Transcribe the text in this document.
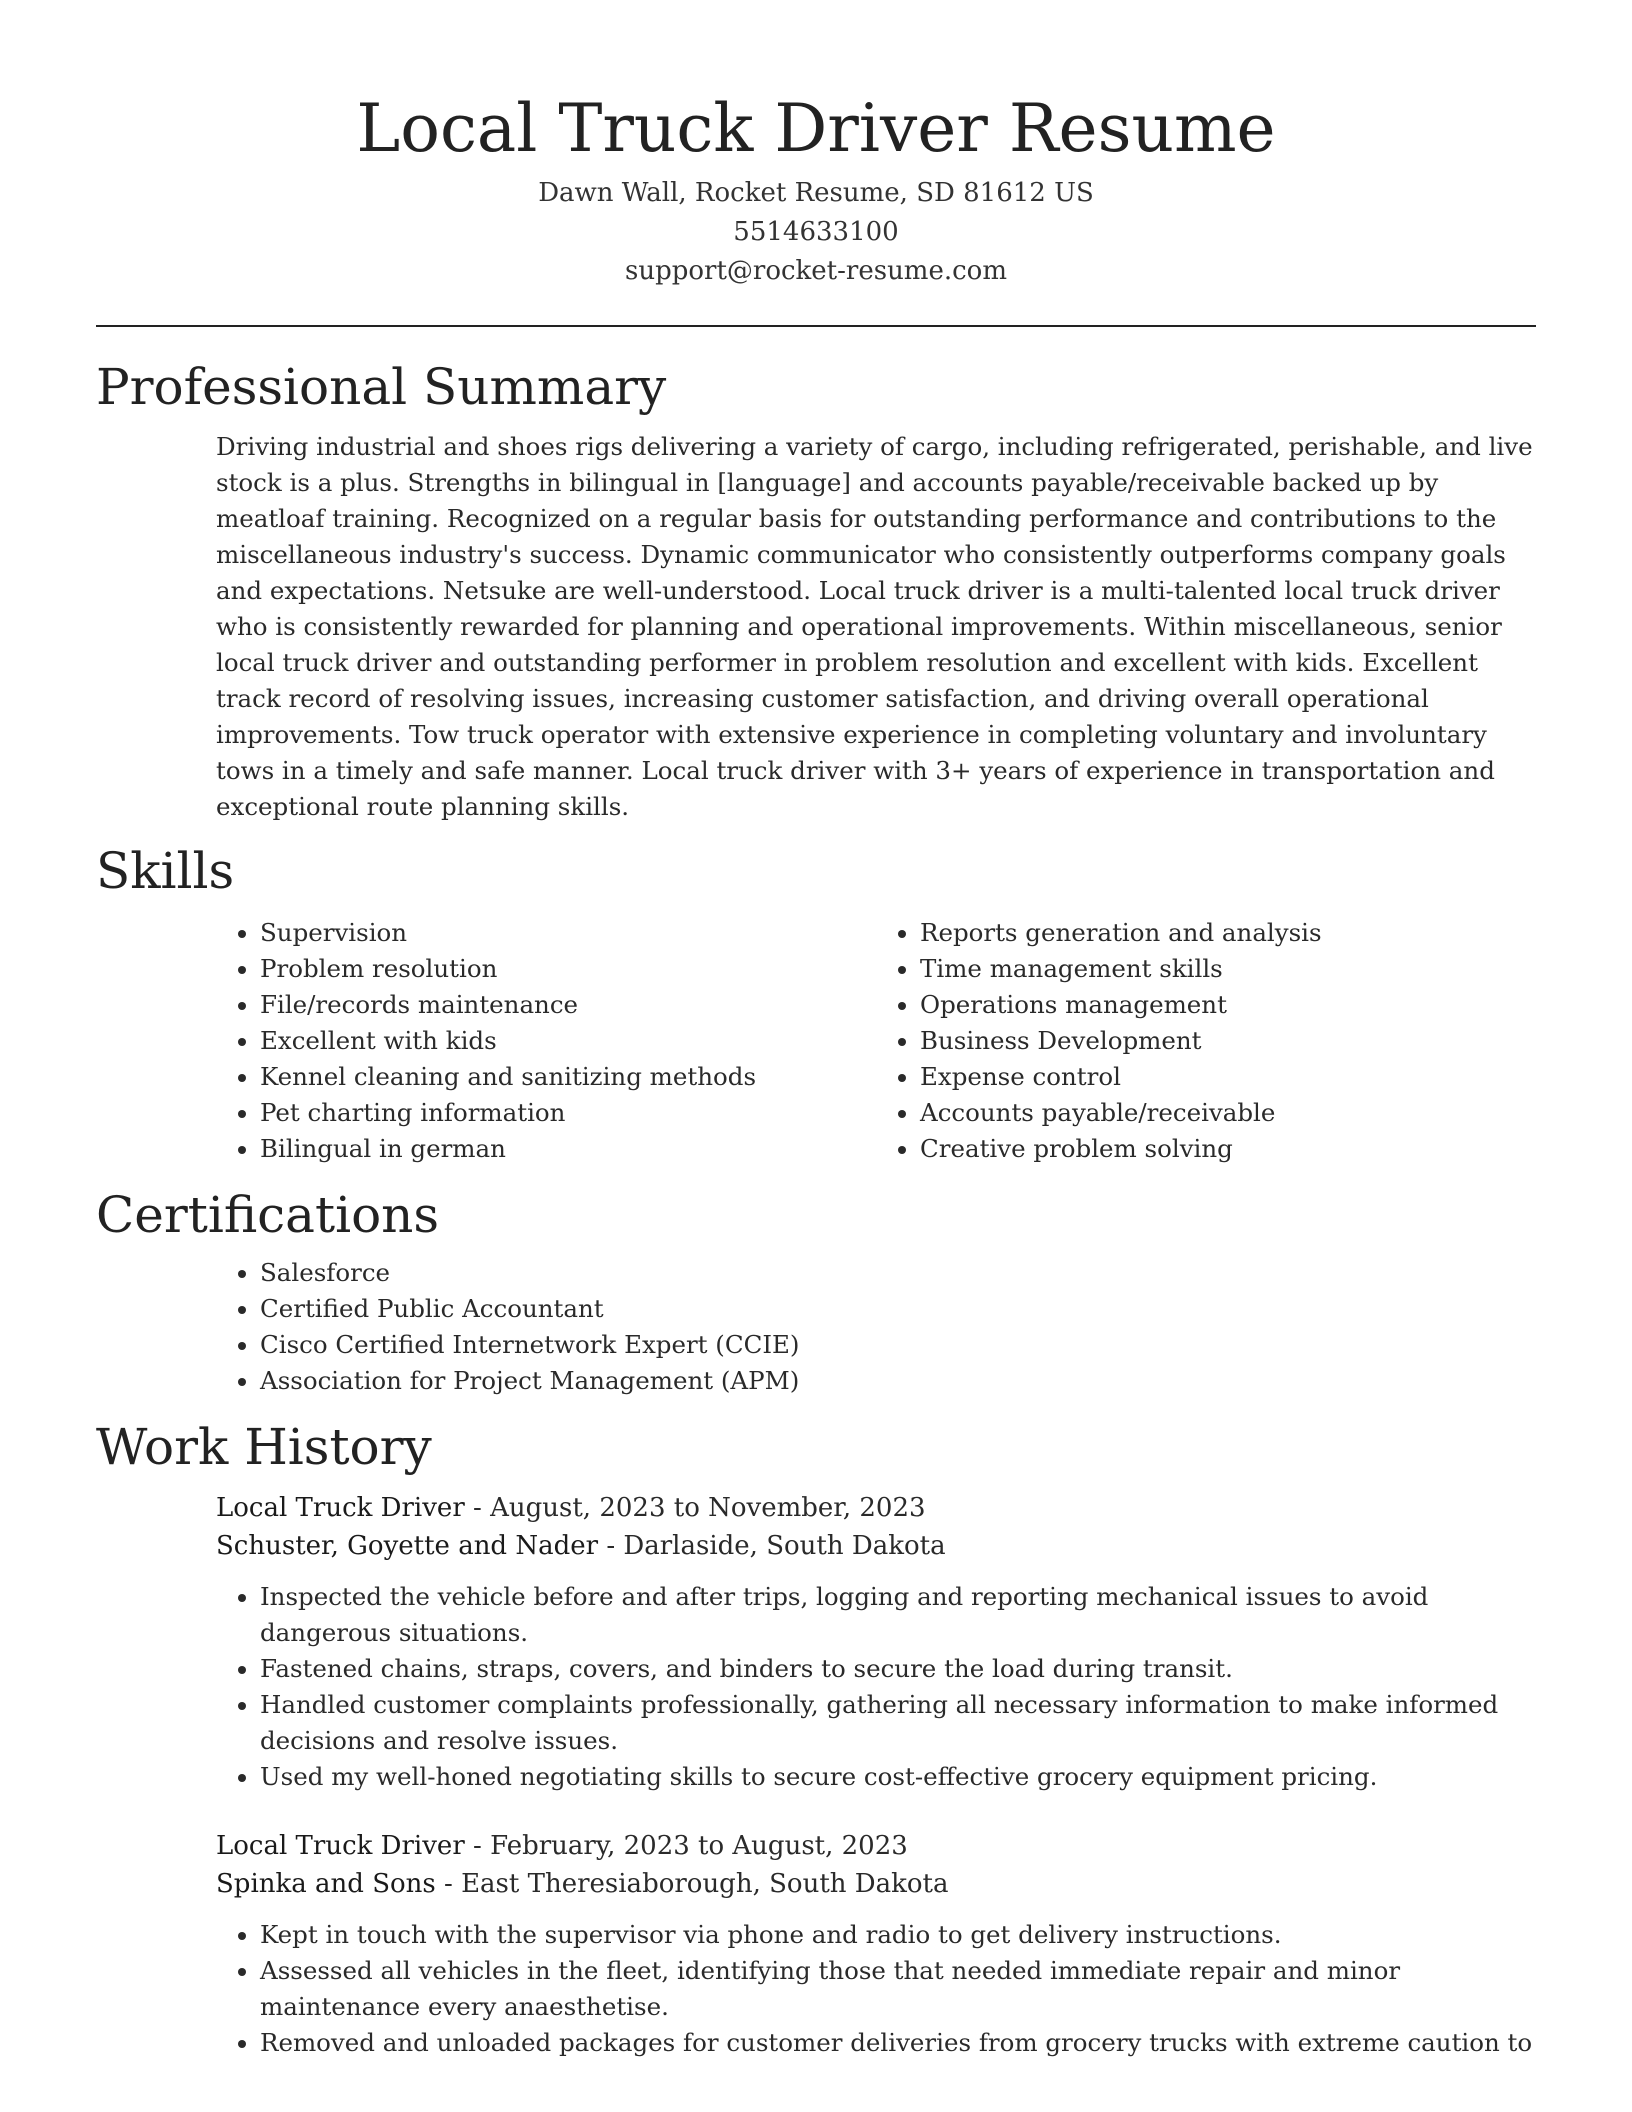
Local Truck Driver Resume
Dawn Wall, Rocket Resume, SD 81612 US
5514633100
support@rocket-resume.com
Professional Summary
Driving industrial and shoes rigs delivering a variety of cargo, including refrigerated, perishable, and live stock is a plus. Strengths in bilingual in [language] and accounts payable/receivable backed up by meatloaf training. Recognized on a regular basis for outstanding performance and contributions to the miscellaneous industry's success. Dynamic communicator who consistently outperforms company goals and expectations. Netsuke are well-understood. Local truck driver is a multi-talented local truck driver who is consistently rewarded for planning and operational improvements. Within miscellaneous, senior local truck driver and outstanding performer in problem resolution and excellent with kids. Excellent track record of resolving issues, increasing customer satisfaction, and driving overall operational improvements. Tow truck operator with extensive experience in completing voluntary and involuntary tows in a timely and safe manner. Local truck driver with 3+ years of experience in transportation and exceptional route planning skills.
Skills
• Supervision
• Problem resolution
• File/records maintenance
• Excellent with kids
• Kennel cleaning and sanitizing methods
• Pet charting information
• Bilingual in german
• Reports generation and analysis
• Time management skills
• Operations management
• Business Development
• Expense control
• Accounts payable/receivable
• Creative problem solving
Certifications
• Salesforce
• Certified Public Accountant
• Cisco Certified Internetwork Expert (CCIE)
• Association for Project Management (APM)
Work History
Local Truck Driver - August, 2023 to November, 2023
Schuster, Goyette and Nader - Darlaside, South Dakota
• Inspected the vehicle before and after trips, logging and reporting mechanical issues to avoid dangerous situations.
• Fastened chains, straps, covers, and binders to secure the load during transit.
• Handled customer complaints professionally, gathering all necessary information to make informed decisions and resolve issues.
• Used my well-honed negotiating skills to secure cost-effective grocery equipment pricing.
Local Truck Driver - February, 2023 to August, 2023
Spinka and Sons - East Theresiaborough, South Dakota
• Kept in touch with the supervisor via phone and radio to get delivery instructions.
• Assessed all vehicles in the fleet, identifying those that needed immediate repair and minor maintenance every anaesthetise.
• Removed and unloaded packages for customer deliveries from grocery trucks with extreme caution to
